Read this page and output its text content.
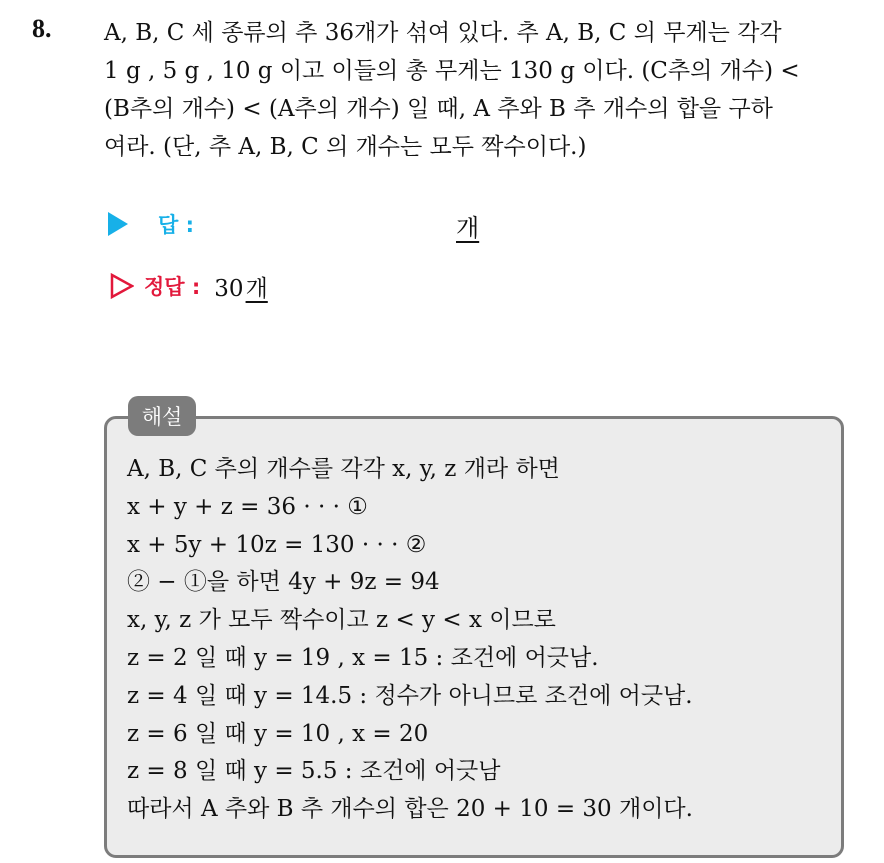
8. A, B, C 세 종류의 추 36개가 섞여 있다. 추 A, B, C 의 무게는 각각
1 g , 5 g , 10 g 이고 이들의 총 무게는 130 g 이다. (C추의 개수) <
(B추의 개수) < (A추의 개수) 일 때, A 추와 B 추 개수의 합을 구하
여라. (단, 추 A, B, C 의 개수는 모두 짝수이다.)
답 :	개
정답 : 30개
해설
A, B, C 추의 개수를 각각 x, y, z 개라 하면
x + y + z = 36 · · · ①
x + 5y + 10z = 130 · · · ②
② − ①을 하면 4y + 9z = 94
x, y, z 가 모두 짝수이고 z < y < x 이므로
z = 2 일 때 y = 19 , x = 15 : 조건에 어긋남.
z = 4 일 때 y = 14.5 : 정수가 아니므로 조건에 어긋남.
z = 6 일 때 y = 10 , x = 20
z = 8 일 때 y = 5.5 : 조건에 어긋남
따라서 A 추와 B 추 개수의 합은 20 + 10 = 30 개이다.
